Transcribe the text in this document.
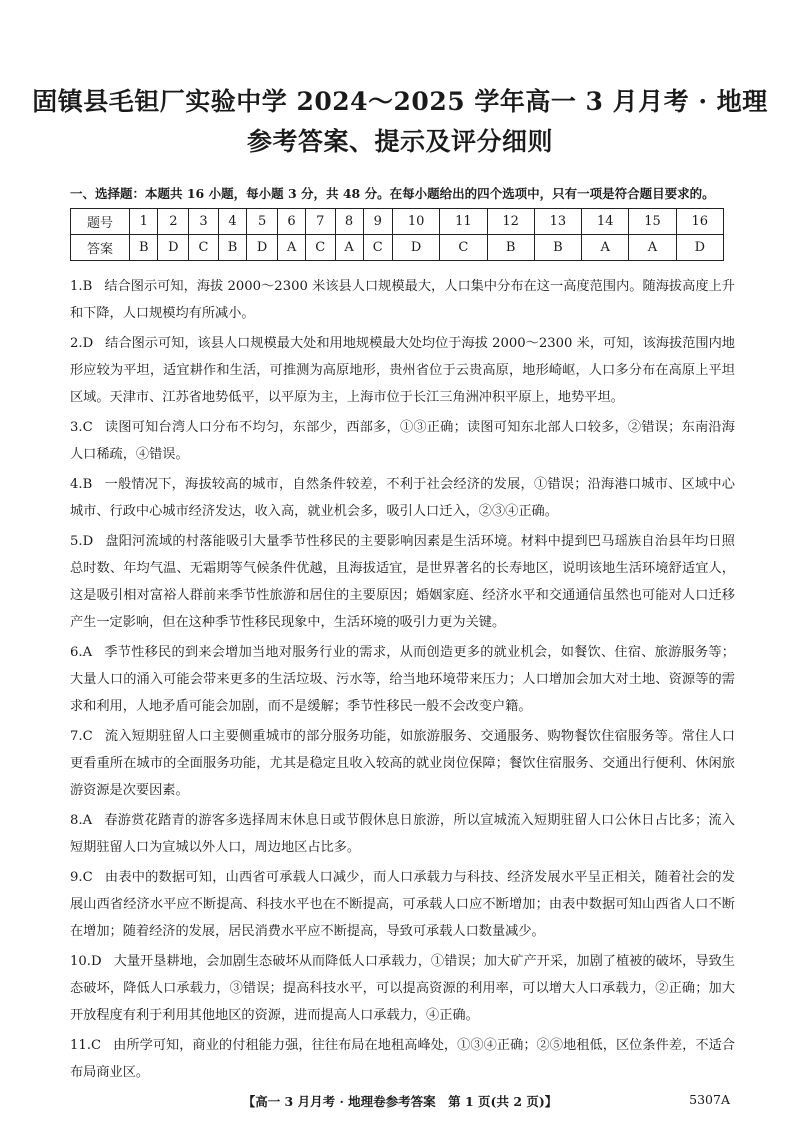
固镇县毛钽厂实验中学 2024～2025 学年高一 3 月月考 · 地理
参考答案、提示及评分细则
一、选择题：本题共 16 小题，每小题 3 分，共 48 分。在每小题给出的四个选项中，只有一项是符合题目要求的。
题号	1	2	3	4	5	6	7	8	9	10	11	12	13	14	15	16
答案	B	D	C	B	D	A	C	A	C	D	C	B	B	A	A	D

1.B 结合图示可知，海拔 2000～2300 米该县人口规模最大，人口集中分布在这一高度范围内。随海拔高度上升和下降，人口规模均有所减小。

2.D 结合图示可知，该县人口规模最大处和用地规模最大处均位于海拔 2000～2300 米，可知，该海拔范围内地形应较为平坦，适宜耕作和生活，可推测为高原地形，贵州省位于云贵高原，地形崎岖，人口多分布在高原上平坦区域。天津市、江苏省地势低平，以平原为主，上海市位于长江三角洲冲积平原上，地势平坦。

3.C 读图可知台湾人口分布不均匀，东部少，西部多，①③正确；读图可知东北部人口较多，②错误；东南沿海人口稀疏，④错误。

4.B 一般情况下，海拔较高的城市，自然条件较差，不利于社会经济的发展，①错误；沿海港口城市、区域中心城市、行政中心城市经济发达，收入高，就业机会多，吸引人口迁入，②③④正确。

5.D 盘阳河流域的村落能吸引大量季节性移民的主要影响因素是生活环境。材料中提到巴马瑶族自治县年均日照总时数、年均气温、无霜期等气候条件优越，且海拔适宜，是世界著名的长寿地区，说明该地生活环境舒适宜人，这是吸引相对富裕人群前来季节性旅游和居住的主要原因；婚姻家庭、经济水平和交通通信虽然也可能对人口迁移产生一定影响，但在这种季节性移民现象中，生活环境的吸引力更为关键。

6.A 季节性移民的到来会增加当地对服务行业的需求，从而创造更多的就业机会，如餐饮、住宿、旅游服务等；大量人口的涌入可能会带来更多的生活垃圾、污水等，给当地环境带来压力；人口增加会加大对土地、资源等的需求和利用，人地矛盾可能会加剧，而不是缓解；季节性移民一般不会改变户籍。

7.C 流入短期驻留人口主要侧重城市的部分服务功能，如旅游服务、交通服务、购物餐饮住宿服务等。常住人口更看重所在城市的全面服务功能，尤其是稳定且收入较高的就业岗位保障；餐饮住宿服务、交通出行便利、休闲旅游资源是次要因素。

8.A 春游赏花踏青的游客多选择周末休息日或节假休息日旅游，所以宣城流入短期驻留人口公休日占比多；流入短期驻留人口为宣城以外人口，周边地区占比多。

9.C 由表中的数据可知，山西省可承载人口减少，而人口承载力与科技、经济发展水平呈正相关，随着社会的发展山西省经济水平应不断提高、科技水平也在不断提高，可承载人口应不断增加；由表中数据可知山西省人口不断在增加；随着经济的发展，居民消费水平应不断提高，导致可承载人口数量减少。

10.D 大量开垦耕地，会加剧生态破坏从而降低人口承载力，①错误；加大矿产开采，加剧了植被的破坏，导致生态破坏，降低人口承载力，③错误；提高科技水平，可以提高资源的利用率，可以增大人口承载力，②正确；加大开放程度有利于利用其他地区的资源，进而提高人口承载力，④正确。

11.C 由所学可知，商业的付租能力强，往往布局在地租高峰处，①③④正确；②⑤地租低，区位条件差，不适合布局商业区。

【高一 3 月月考 · 地理卷参考答案　第 1 页(共 2 页)】	5307A
